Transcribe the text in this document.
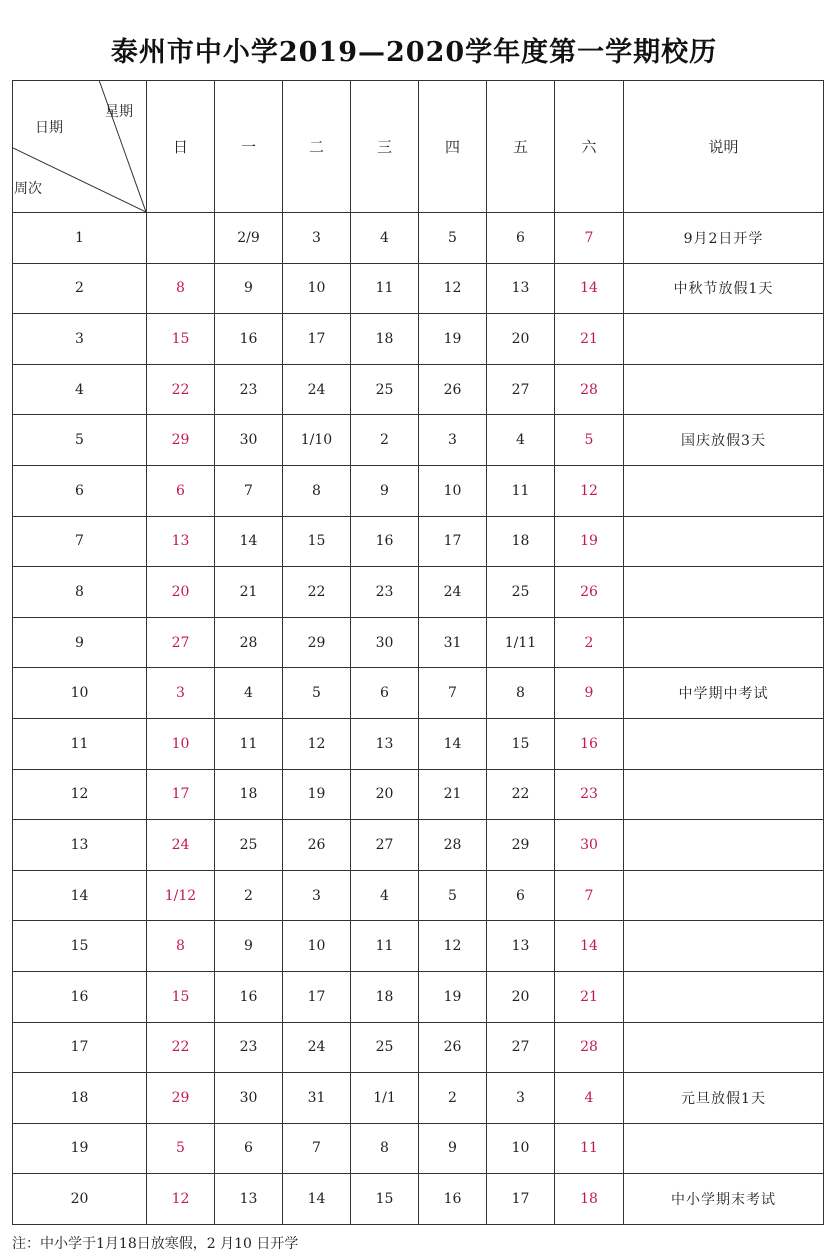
泰州市中小学2019—2020学年度第一学期校历
日期
星期
周次	日	一	二	三	四	五	六	说明
1		2/9	3	4	5	6	7	9月2日开学
2	8	9	10	11	12	13	14	中秋节放假1天
3	15	16	17	18	19	20	21	
4	22	23	24	25	26	27	28	
5	29	30	1/10	2	3	4	5	国庆放假3天
6	6	7	8	9	10	11	12	
7	13	14	15	16	17	18	19	
8	20	21	22	23	24	25	26	
9	27	28	29	30	31	1/11	2	
10	3	4	5	6	7	8	9	中学期中考试
11	10	11	12	13	14	15	16	
12	17	18	19	20	21	22	23	
13	24	25	26	27	28	29	30	
14	1/12	2	3	4	5	6	7	
15	8	9	10	11	12	13	14	
16	15	16	17	18	19	20	21	
17	22	23	24	25	26	27	28	
18	29	30	31	1/1	2	3	4	元旦放假1天
19	5	6	7	8	9	10	11	
20	12	13	14	15	16	17	18	中小学期末考试
注：中小学于1月18日放寒假，2 月10 日开学
